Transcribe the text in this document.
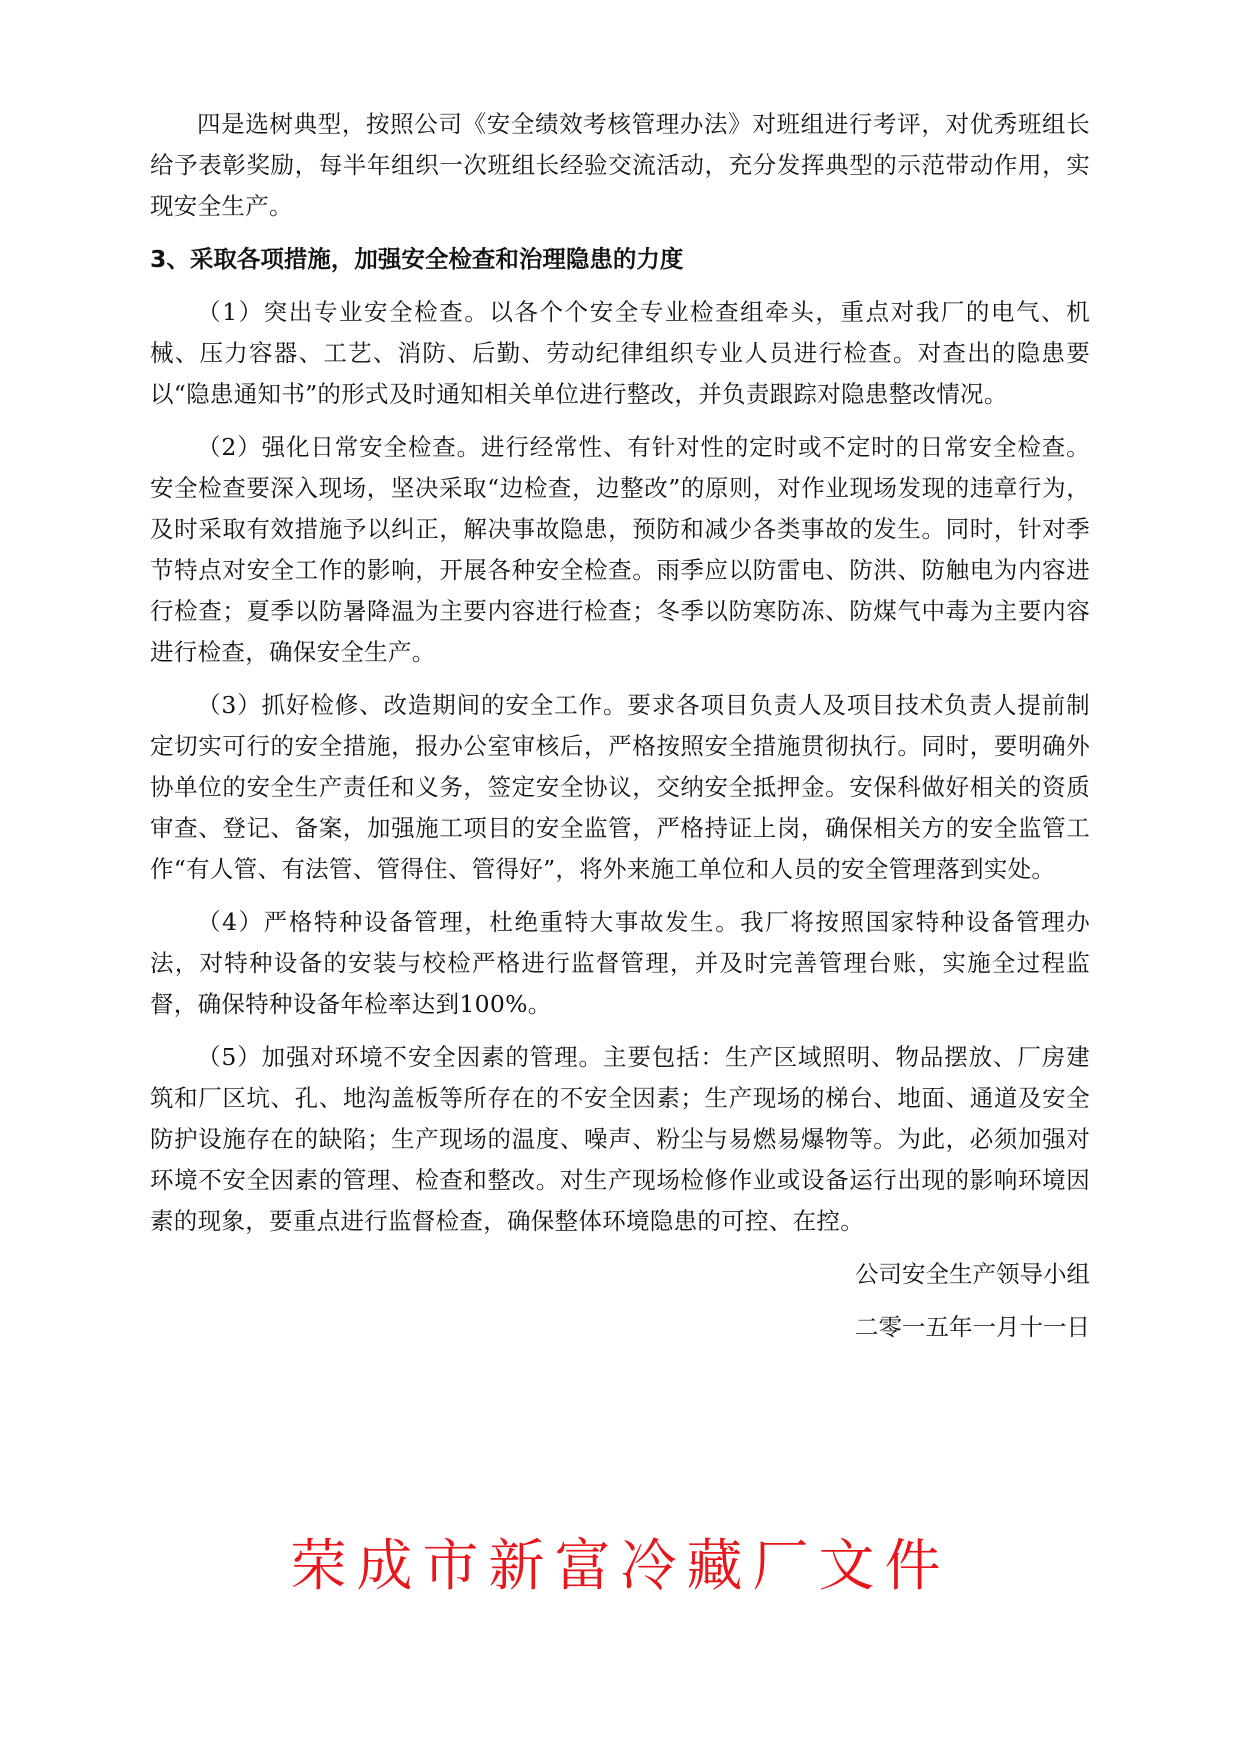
四是选树典型，按照公司《安全绩效考核管理办法》对班组进行考评，对优秀班组长给予表彰奖励，每半年组织一次班组长经验交流活动，充分发挥典型的示范带动作用，实现安全生产。

3、采取各项措施，加强安全检查和治理隐患的力度

（1）突出专业安全检查。以各个个安全专业检查组牵头，重点对我厂的电气、机械、压力容器、工艺、消防、后勤、劳动纪律组织专业人员进行检查。对查出的隐患要以“隐患通知书”的形式及时通知相关单位进行整改，并负责跟踪对隐患整改情况。

（2）强化日常安全检查。进行经常性、有针对性的定时或不定时的日常安全检查。安全检查要深入现场，坚决采取“边检查，边整改”的原则，对作业现场发现的违章行为，及时采取有效措施予以纠正，解决事故隐患，预防和减少各类事故的发生。同时，针对季节特点对安全工作的影响，开展各种安全检查。雨季应以防雷电、防洪、防触电为内容进行检查；夏季以防暑降温为主要内容进行检查；冬季以防寒防冻、防煤气中毒为主要内容进行检查，确保安全生产。

（3）抓好检修、改造期间的安全工作。要求各项目负责人及项目技术负责人提前制定切实可行的安全措施，报办公室审核后，严格按照安全措施贯彻执行。同时，要明确外协单位的安全生产责任和义务，签定安全协议，交纳安全抵押金。安保科做好相关的资质审查、登记、备案，加强施工项目的安全监管，严格持证上岗，确保相关方的安全监管工作“有人管、有法管、管得住、管得好”，将外来施工单位和人员的安全管理落到实处。

（4）严格特种设备管理，杜绝重特大事故发生。我厂将按照国家特种设备管理办法，对特种设备的安装与校检严格进行监督管理，并及时完善管理台账，实施全过程监督，确保特种设备年检率达到100%。

（5）加强对环境不安全因素的管理。主要包括：生产区域照明、物品摆放、厂房建筑和厂区坑、孔、地沟盖板等所存在的不安全因素；生产现场的梯台、地面、通道及安全防护设施存在的缺陷；生产现场的温度、噪声、粉尘与易燃易爆物等。为此，必须加强对环境不安全因素的管理、检查和整改。对生产现场检修作业或设备运行出现的影响环境因素的现象，要重点进行监督检查，确保整体环境隐患的可控、在控。

公司安全生产领导小组

二零一五年一月十一日

荣成市新富冷藏厂文件
